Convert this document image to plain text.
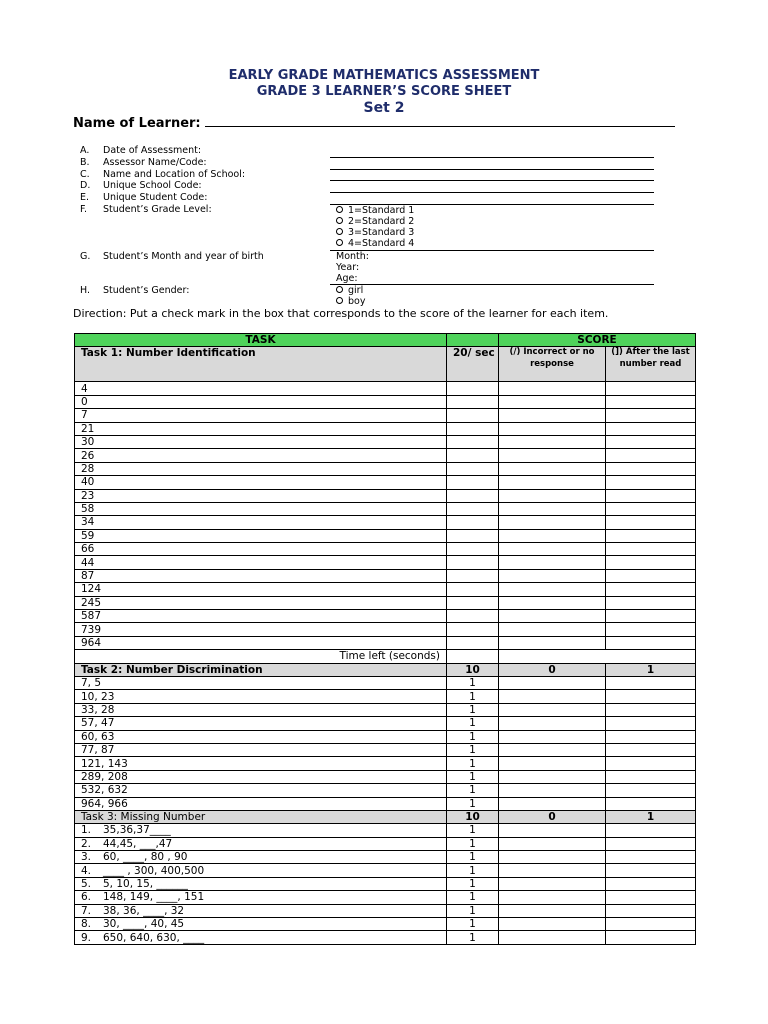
EARLY GRADE MATHEMATICS ASSESSMENT
GRADE 3 LEARNER’S SCORE SHEET
Set 2
Name of Learner:
A. Date of Assessment:
B. Assessor Name/Code:
C. Name and Location of School:
D. Unique School Code:
E. Unique Student Code:
F. Student’s Grade Level:
G. Student’s Month and year of birth
H. Student’s Gender:
1=Standard 1
2=Standard 2
3=Standard 3
4=Standard 4
Month:
Year:
Age:
girl
boy
Direction: Put a check mark in the box that corresponds to the score of the learner for each item.
TASK		SCORE	
Task 1: Number Identification	20/ sec	(/) Incorrect or no response	(]) After the last number read
4			
0			
7			
21			
30			
26			
28			
40			
23			
58			
34			
59			
66			
44			
87			
124			
245			
587			
739			
964			
Time left (seconds)			
Task 2: Number Discrimination	10	0	1
7, 5	1		
10, 23	1		
33, 28	1		
57, 47	1		
60, 63	1		
77, 87	1		
121, 143	1		
289, 208	1		
532, 632	1		
964, 966	1		
Task 3: Missing Number	10	0	1
1. 35,36,37____	1		
2. 44,45, ___,47	1		
3. 60, ____, 80 , 90	1		
4. ____ , 300, 400,500	1		
5. 5, 10, 15, ______	1		
6. 148, 149, ____, 151	1		
7. 38, 36, ____, 32	1		
8. 30, ____, 40, 45	1		
9. 650, 640, 630, ____	1		
